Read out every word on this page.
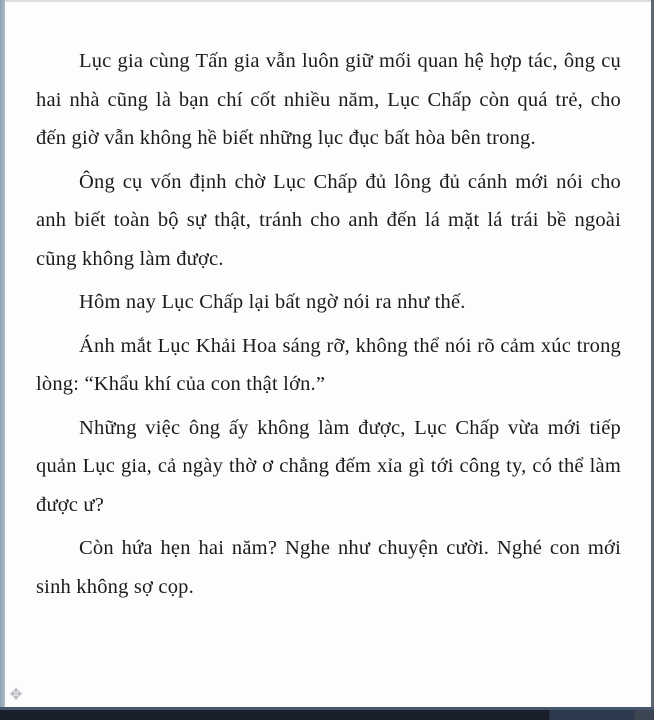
Lục gia cùng Tấn gia vẫn luôn giữ mối quan hệ hợp tác, ông cụ hai nhà cũng là bạn chí cốt nhiều năm, Lục Chấp còn quá trẻ, cho đến giờ vẫn không hề biết những lục đục bất hòa bên trong.

Ông cụ vốn định chờ Lục Chấp đủ lông đủ cánh mới nói cho anh biết toàn bộ sự thật, tránh cho anh đến lá mặt lá trái bề ngoài cũng không làm được.

Hôm nay Lục Chấp lại bất ngờ nói ra như thế.

Ánh mắt Lục Khải Hoa sáng rỡ, không thể nói rõ cảm xúc trong lòng: “Khẩu khí của con thật lớn.”

Những việc ông ấy không làm được, Lục Chấp vừa mới tiếp quản Lục gia, cả ngày thờ ơ chẳng đếm xỉa gì tới công ty, có thể làm được ư?

Còn hứa hẹn hai năm? Nghe như chuyện cười. Nghé con mới sinh không sợ cọp.

✥
